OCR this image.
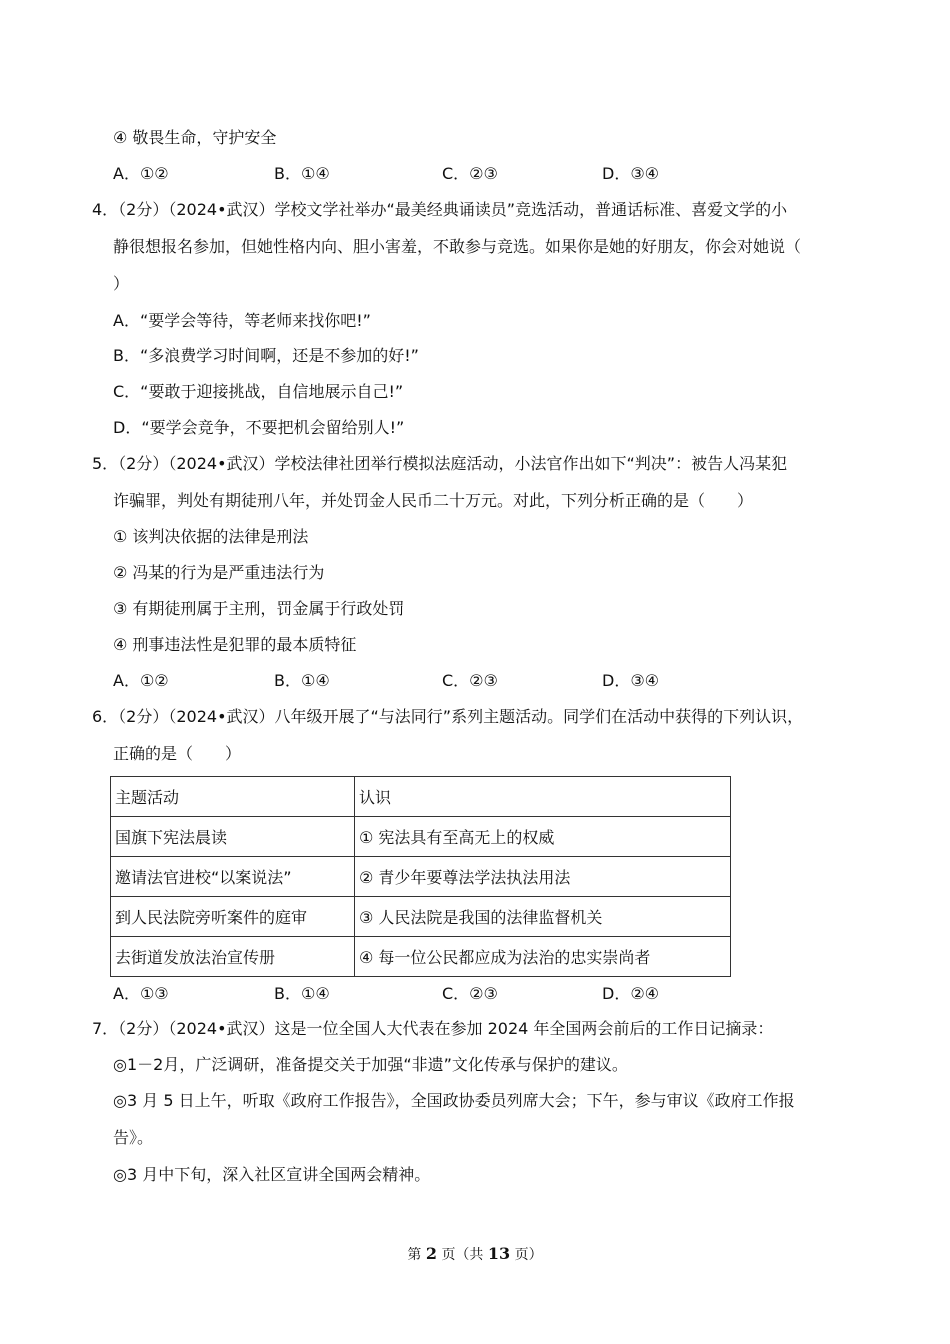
④ 敬畏生命，守护安全
A．①②	B．①④	C．②③	D．③④
4．（2分）（2024•武汉）学校文学社举办“最美经典诵读员”竞选活动，普通话标准、喜爱文学的小
静很想报名参加，但她性格内向、胆小害羞，不敢参与竞选。如果你是她的好朋友，你会对她说（
）
A．“要学会等待，等老师来找你吧!”
B．“多浪费学习时间啊，还是不参加的好!”
C．“要敢于迎接挑战，自信地展示自己!”
D．“要学会竞争，不要把机会留给别人!”
5．（2分）（2024•武汉）学校法律社团举行模拟法庭活动，小法官作出如下“判决”：被告人冯某犯
诈骗罪，判处有期徒刑八年，并处罚金人民币二十万元。对此，下列分析正确的是（　　）
① 该判决依据的法律是刑法
② 冯某的行为是严重违法行为
③ 有期徒刑属于主刑，罚金属于行政处罚
④ 刑事违法性是犯罪的最本质特征
A．①②	B．①④	C．②③	D．③④
6．（2分）（2024•武汉）八年级开展了“与法同行”系列主题活动。同学们在活动中获得的下列认识，
正确的是（　　）
主题活动	认识
国旗下宪法晨读	① 宪法具有至高无上的权威
邀请法官进校“以案说法”	② 青少年要尊法学法执法用法
到人民法院旁听案件的庭审	③ 人民法院是我国的法律监督机关
去街道发放法治宣传册	④ 每一位公民都应成为法治的忠实崇尚者
A．①③	B．①④	C．②③	D．②④
7．（2分）（2024•武汉）这是一位全国人大代表在参加 2024 年全国两会前后的工作日记摘录：
◎1－2月，广泛调研，准备提交关于加强“非遗”文化传承与保护的建议。
◎3 月 5 日上午，听取《政府工作报告》，全国政协委员列席大会；下午，参与审议《政府工作报
告》。
◎3 月中下旬，深入社区宣讲全国两会精神。
第 2 页（共 13 页）
